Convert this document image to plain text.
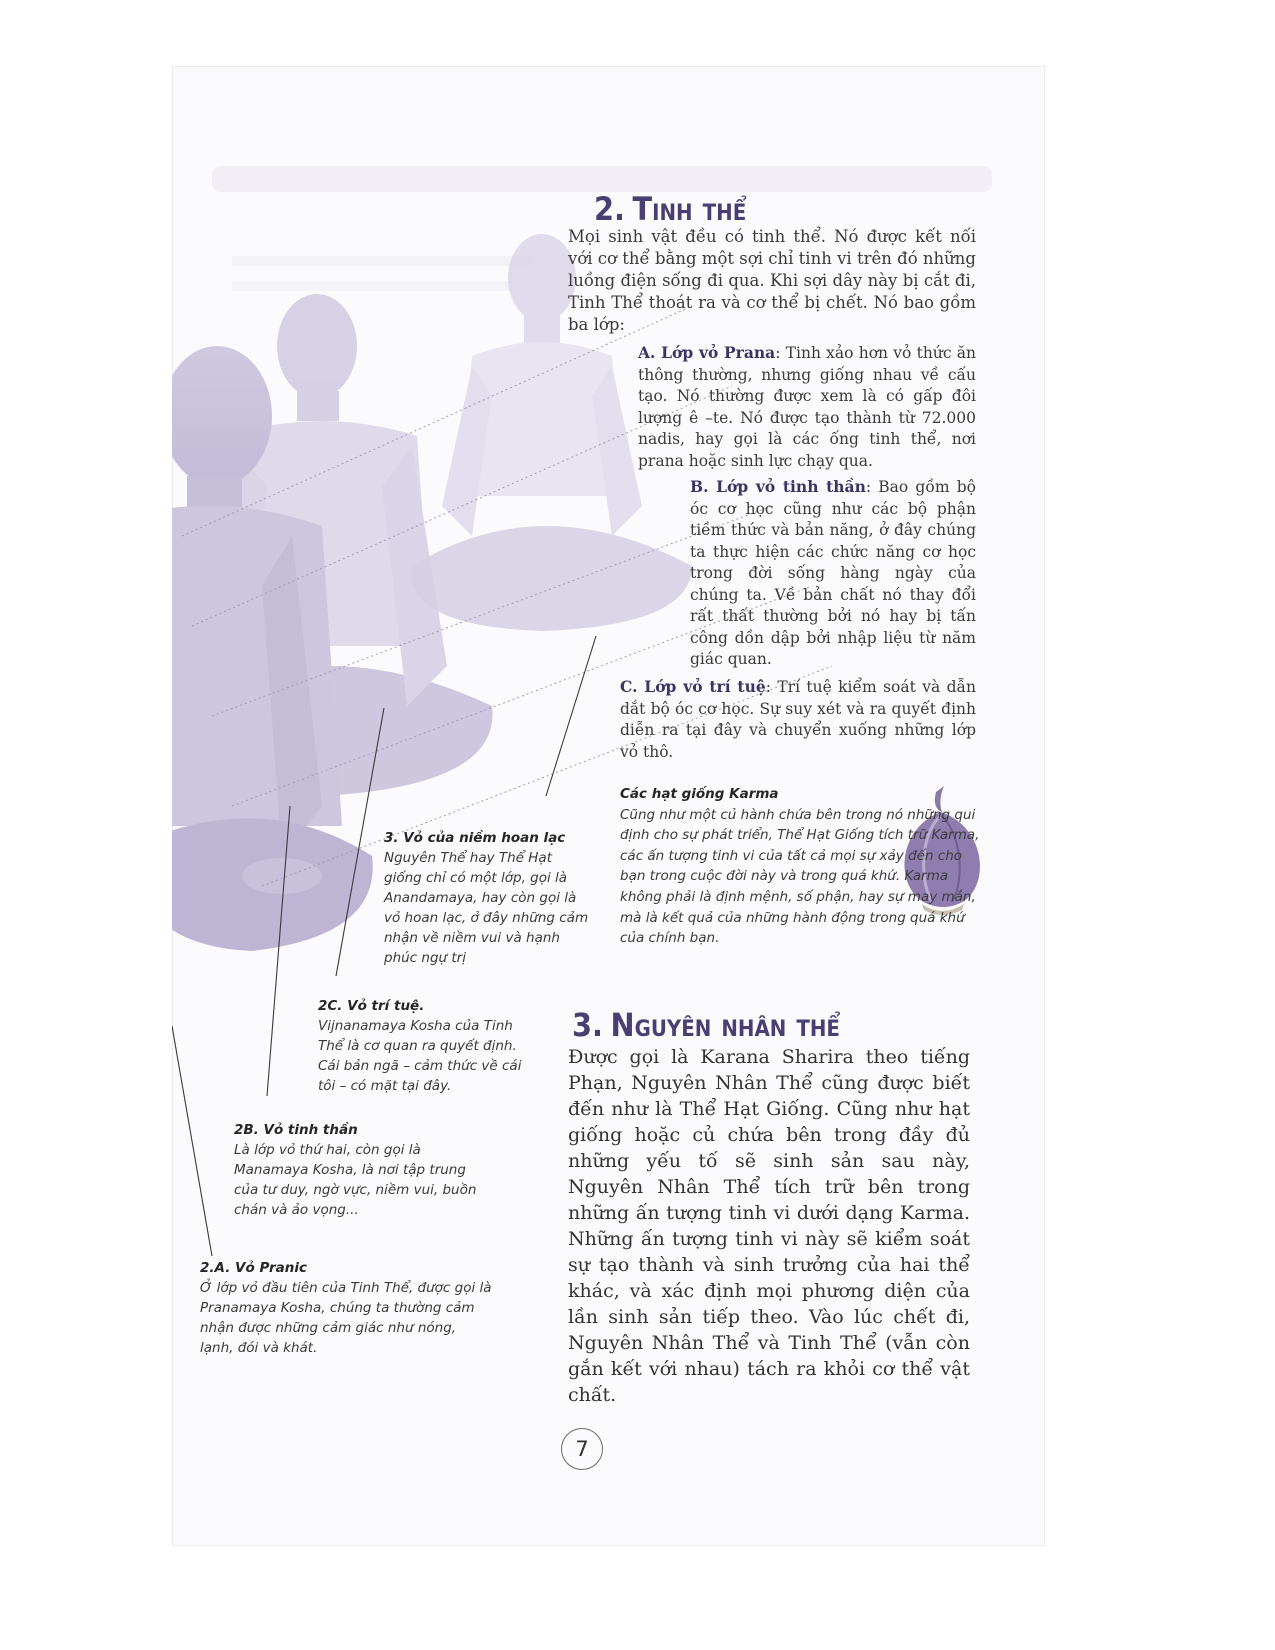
2. Tinh thể

Mọi sinh vật đều có tinh thể. Nó được kết nối với cơ thể bằng một sợi chỉ tinh vi trên đó những luồng điện sống đi qua. Khi sợi dây này bị cắt đi, Tinh Thể thoát ra và cơ thể bị chết. Nó bao gồm ba lớp:

A. Lớp vỏ Prana: Tinh xảo hơn vỏ thức ăn thông thường, nhưng giống nhau về cấu tạo. Nó thường được xem là có gấp đôi lượng ê –te. Nó được tạo thành từ 72.000 nadis, hay gọi là các ống tinh thể, nơi prana hoặc sinh lực chạy qua.

B. Lớp vỏ tinh thần: Bao gồm bộ óc cơ học cũng như các bộ phận tiềm thức và bản năng, ở đây chúng ta thực hiện các chức năng cơ học trong đời sống hàng ngày của chúng ta. Về bản chất nó thay đổi rất thất thường bởi nó hay bị tấn công dồn dập bởi nhập liệu từ năm giác quan.

C. Lớp vỏ trí tuệ: Trí tuệ kiểm soát và dẫn dắt bộ óc cơ học. Sự suy xét và ra quyết định diễn ra tại đây và chuyển xuống những lớp vỏ thô.

Các hạt giống Karma
Cũng như một củ hành chứa bên trong nó những qui định cho sự phát triển, Thể Hạt Giống tích trữ Karma, các ấn tượng tinh vi của tất cả mọi sự xảy đến cho bạn trong cuộc đời này và trong quá khứ. Karma không phải là định mệnh, số phận, hay sự may mắn, mà là kết quả của những hành động trong quá khứ của chính bạn.
3. Vỏ của niềm hoan lạc
Nguyên Thể hay Thể Hạt giống chỉ có một lớp, gọi là Anandamaya, hay còn gọi là vỏ hoan lạc, ở đây những cảm nhận về niềm vui và hạnh phúc ngự trị
2C. Vỏ trí tuệ.
Vijnanamaya Kosha của Tinh Thể là cơ quan ra quyết định. Cái bản ngã – cảm thức về cái tôi – có mặt tại đây.
2B. Vỏ tinh thần
Là lớp vỏ thứ hai, còn gọi là Manamaya Kosha, là nơi tập trung của tư duy, ngờ vực, niềm vui, buồn chán và ảo vọng...
2.A. Vỏ Pranic
Ở lớp vỏ đầu tiên của Tinh Thể, được gọi là Pranamaya Kosha, chúng ta thường cảm nhận được những cảm giác như nóng, lạnh, đói và khát.
3. Nguyên nhân thể

Được gọi là Karana Sharira theo tiếng Phạn, Nguyên Nhân Thể cũng được biết đến như là Thể Hạt Giống. Cũng như hạt giống hoặc củ chứa bên trong đầy đủ những yếu tố sẽ sinh sản sau này, Nguyên Nhân Thể tích trữ bên trong những ấn tượng tinh vi dưới dạng Karma. Những ấn tượng tinh vi này sẽ kiểm soát sự tạo thành và sinh trưởng của hai thể khác, và xác định mọi phương diện của lần sinh sản tiếp theo. Vào lúc chết đi, Nguyên Nhân Thể và Tinh Thể (vẫn còn gắn kết với nhau) tách ra khỏi cơ thể vật chất.

7
